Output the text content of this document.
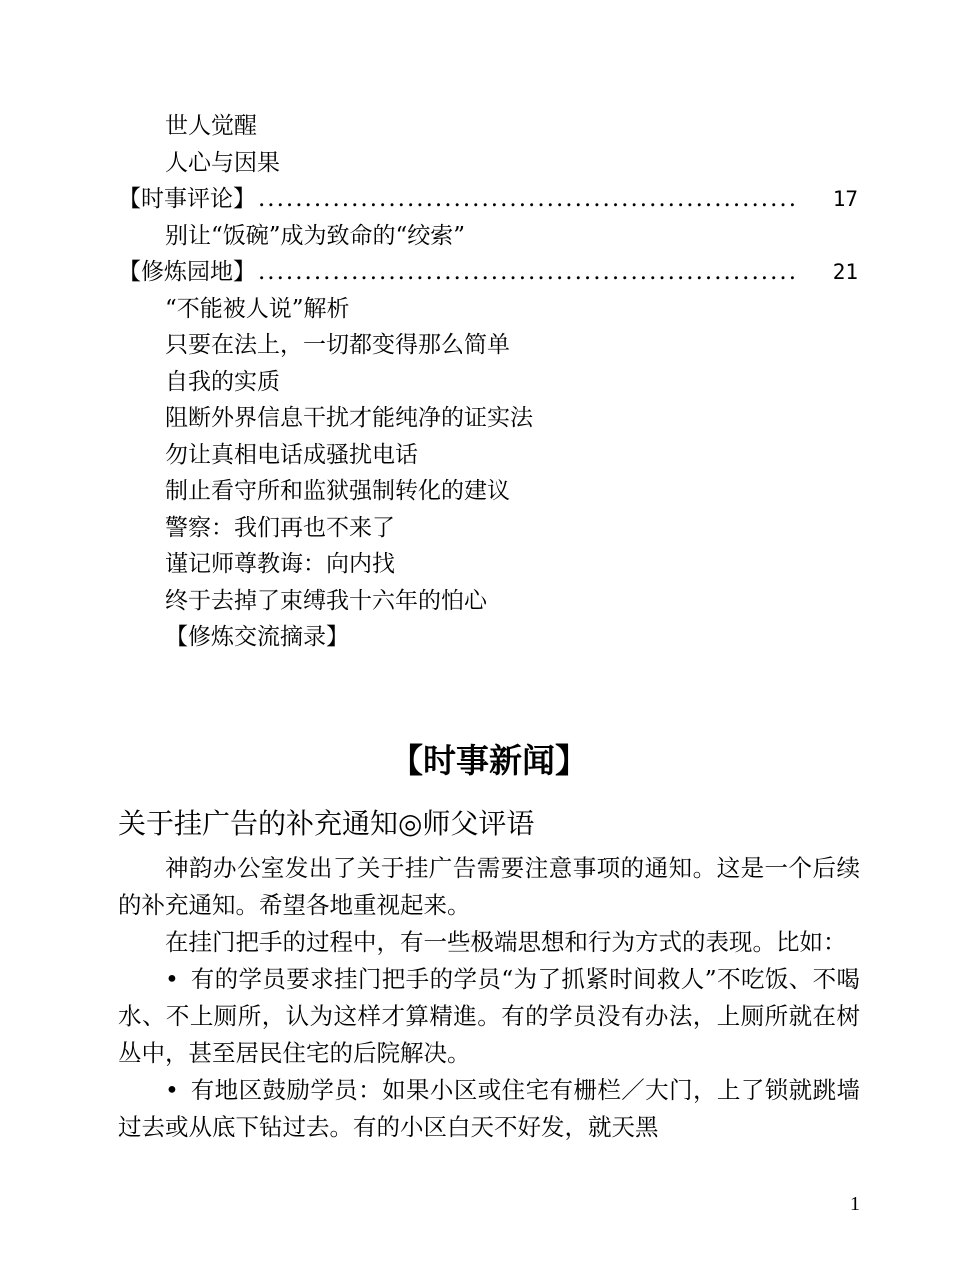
世人觉醒
人心与因果
【时事评论】 ..........................................................	17
别让“饭碗”成为致命的“绞索”
【修炼园地】 ..........................................................	21
“不能被人说”解析
只要在法上，一切都变得那么简单
自我的实质
阻断外界信息干扰才能纯净的证实法
勿让真相电话成骚扰电话
制止看守所和监狱强制转化的建议
警察：我们再也不来了
谨记师尊教诲：向内找
终于去掉了束缚我十六年的怕心
【修炼交流摘录】
【时事新闻】
关于挂广告的补充通知◎师父评语

神韵办公室发出了关于挂广告需要注意事项的通知。这是一个后续的补充通知。希望各地重视起来。

在挂门把手的过程中，有一些极端思想和行为方式的表现。比如：

• 有的学员要求挂门把手的学员“为了抓紧时间救人”不吃饭、不喝水、不上厕所，认为这样才算精進。有的学员没有办法，上厕所就在树丛中，甚至居民住宅的后院解决。

• 有地区鼓励学员：如果小区或住宅有栅栏／大门，上了锁就跳墙过去或从底下钻过去。有的小区白天不好发，就天黑

1
